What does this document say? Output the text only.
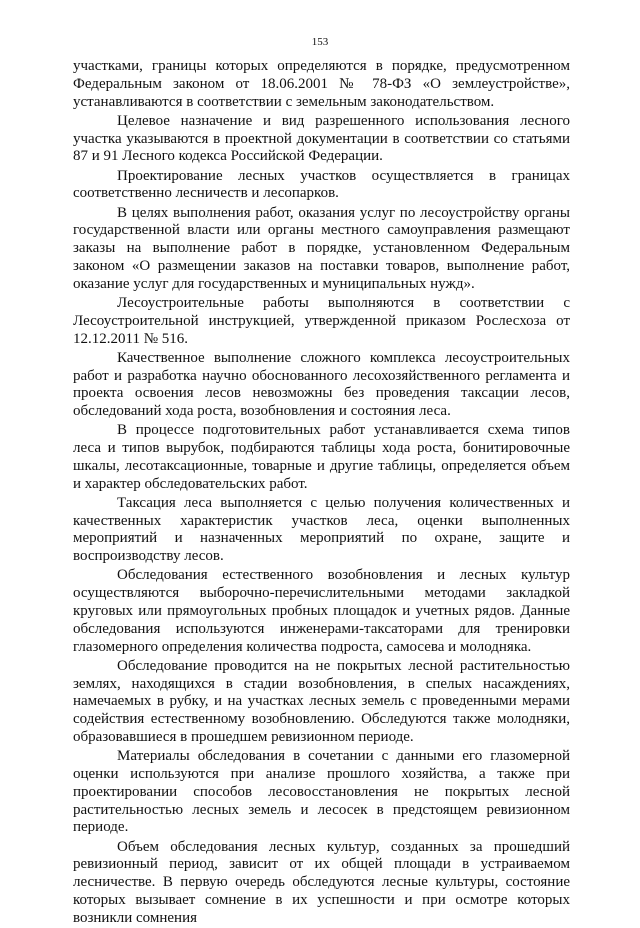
153

участками, границы которых определяются в порядке, предусмотренном Федеральным законом от 18.06.2001 № 78-ФЗ «О землеустройстве», устанавливаются в соответствии с земельным законодательством.

Целевое назначение и вид разрешенного использования лесного участка указываются в проектной документации в соответствии со статьями 87 и 91 Лесного кодекса Российской Федерации.

Проектирование лесных участков осуществляется в границах соответственно лесничеств и лесопарков.

В целях выполнения работ, оказания услуг по лесоустройству органы государственной власти или органы местного самоуправления размещают заказы на выполнение работ в порядке, установленном Федеральным законом «О размещении заказов на поставки товаров, выполнение работ, оказание услуг для государственных и муниципальных нужд».

Лесоустроительные работы выполняются в соответствии с Лесоустроительной инструкцией, утвержденной приказом Рослесхоза от 12.12.2011 № 516.

Качественное выполнение сложного комплекса лесоустроительных работ и разработка научно обоснованного лесохозяйственного регламента и проекта освоения лесов невозможны без проведения таксации лесов, обследований хода роста, возобновления и состояния леса.

В процессе подготовительных работ устанавливается схема типов леса и типов вырубок, подбираются таблицы хода роста, бонитировочные шкалы, лесотаксационные, товарные и другие таблицы, определяется объем и характер обследовательских работ.

Таксация леса выполняется с целью получения количественных и качественных характеристик участков леса, оценки выполненных мероприятий и назначенных мероприятий по охране, защите и воспроизводству лесов.

Обследования естественного возобновления и лесных культур осуществляются выборочно-перечислительными методами закладкой круговых или прямоугольных пробных площадок и учетных рядов. Данные обследования используются инженерами-таксаторами для тренировки глазомерного определения количества подроста, самосева и молодняка.

Обследование проводится на не покрытых лесной растительностью землях, находящихся в стадии возобновления, в спелых насаждениях, намечаемых в рубку, и на участках лесных земель с проведенными мерами содействия естественному возобновлению. Обследуются также молодняки, образовавшиеся в прошедшем ревизионном периоде.

Материалы обследования в сочетании с данными его глазомерной оценки используются при анализе прошлого хозяйства, а также при проектировании способов лесовосстановления не покрытых лесной растительностью лесных земель и лесосек в предстоящем ревизионном периоде.

Объем обследования лесных культур, созданных за прошедший ревизионный период, зависит от их общей площади в устраиваемом лесничестве. В первую очередь обследуются лесные культуры, состояние которых вызывает сомнение в их успешности и при осмотре которых возникли сомнения
